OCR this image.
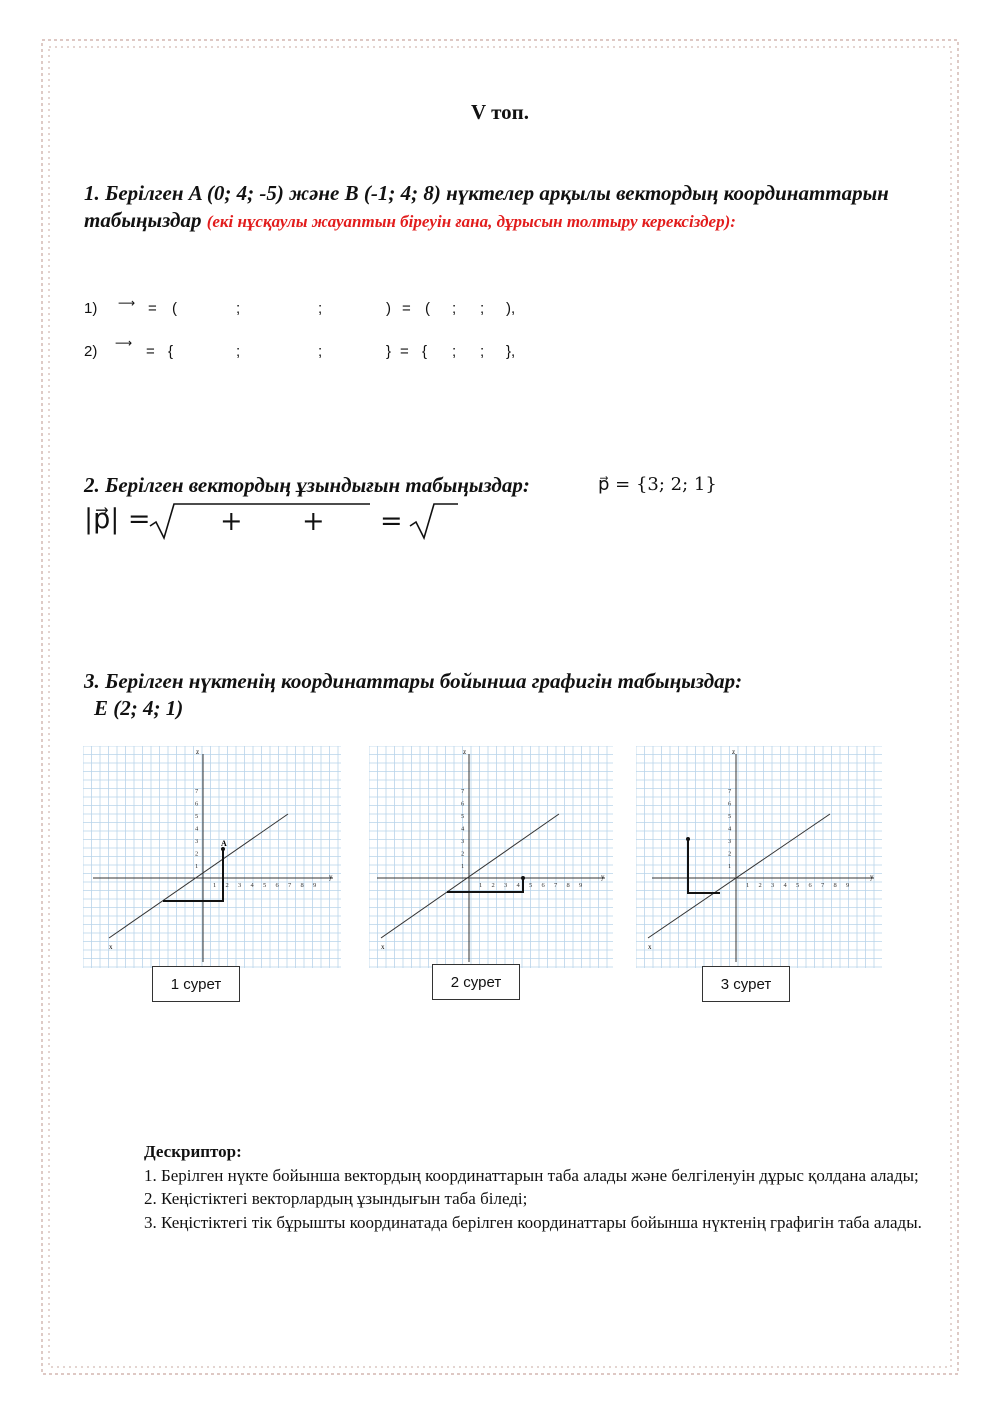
V топ.
1. Берілген A (0; 4; -5) және B (-1; 4; 8) нүктелер арқылы вектордың координаттарын табыңыздар (екі нұсқаулы жауаптын біреуін ғана, дұрысын толтыру керексіздер):
1) ⟶ = (	;	;	) = ( ; ; ),
2) ⟶ = {	;	;	} = { ; ; },
2. Берілген вектордың ұзындығын табыңыздар:	p⃗ = {3; 2; 1}
|p⃗| =	+ + =
3. Берілген нүктенің координаттары бойынша графигін табыңыздар:
E (2; 4; 1)
z
y
x
A
1 2 3 4 5 6 7 8 9
1
2
3
4
5
6
7
1 сурет
z
y
x
1 2 3 4 5 6 7 8 9
1
2
3
4
5
6
7
2 сурет
z
y
x
1 2 3 4 5 6 7 8 9
1
2
3
4
5
6
7
3 сурет
Дескриптор:
1. Берілген нүкте бойынша вектордың координаттарын таба алады және белгіленуін дұрыс қолдана алады;
2. Кеңістіктегі векторлардың ұзындығын таба біледі;
3. Кеңістіктегі тік бұрышты координатада берілген координаттары бойынша нүктенің графигін таба алады.
